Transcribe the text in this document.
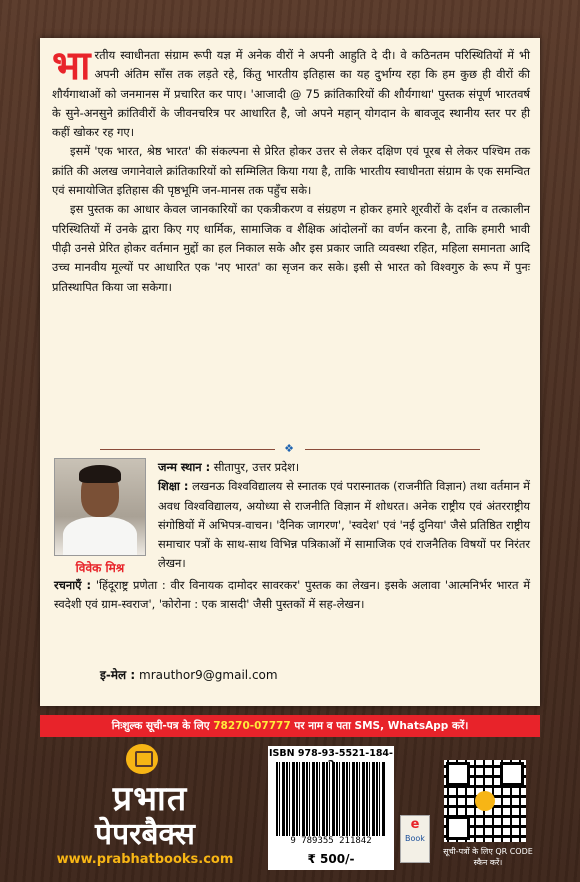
भारतीय स्वाधीनता संग्राम रूपी यज्ञ में अनेक वीरों ने अपनी आहुति दे दी। वे कठिनतम परिस्थितियों में भी अपनी अंतिम साँस तक लड़ते रहे, किंतु भारतीय इतिहास का यह दुर्भाग्य रहा कि हम कुछ ही वीरों की शौर्यगाथाओं को जनमानस में प्रचारित कर पाए। 'आजादी @ 75 क्रांतिकारियों की शौर्यगाथा' पुस्तक संपूर्ण भारतवर्ष के सुने-अनसुने क्रांतिवीरों के जीवनचरित्र पर आधारित है, जो अपने महान् योगदान के बावजूद स्थानीय स्तर पर ही कहीं खोकर रह गए।

इसमें 'एक भारत, श्रेष्ठ भारत' की संकल्पना से प्रेरित होकर उत्तर से लेकर दक्षिण एवं पूरब से लेकर पश्चिम तक क्रांति की अलख जगानेवाले क्रांतिकारियों को सम्मिलित किया गया है, ताकि भारतीय स्वाधीनता संग्राम के एक समन्वित एवं समायोजित इतिहास की पृष्ठभूमि जन-मानस तक पहुँच सके।

इस पुस्तक का आधार केवल जानकारियों का एकत्रीकरण व संग्रहण न होकर हमारे शूरवीरों के दर्शन व तत्कालीन परिस्थितियों में उनके द्वारा किए गए धार्मिक, सामाजिक व शैक्षिक आंदोलनों का वर्णन करना है, ताकि हमारी भावी पीढ़ी उनसे प्रेरित होकर वर्तमान मुद्दों का हल निकाल सके और इस प्रकार जाति व्यवस्था रहित, महिला समानता आदि उच्च मानवीय मूल्यों पर आधारित एक 'नए भारत' का सृजन कर सके। इसी से भारत को विश्वगुरु के रूप में पुनः प्रतिस्थापित किया जा सकेगा।

❖
विवेक मिश्र

जन्म स्थान : सीतापुर, उत्तर प्रदेश।

शिक्षा : लखनऊ विश्वविद्यालय से स्नातक एवं परास्नातक (राजनीति विज्ञान) तथा वर्तमान में अवध विश्वविद्यालय, अयोध्या से राजनीति विज्ञान में शोधरत। अनेक राष्ट्रीय एवं अंतरराष्ट्रीय संगोष्ठियों में अभिपत्र-वाचन। 'दैनिक जागरण', 'स्वदेश' एवं 'नई दुनिया' जैसे प्रतिष्ठित राष्ट्रीय समाचार पत्रों के साथ-साथ विभिन्न पत्रिकाओं में सामाजिक एवं राजनैतिक विषयों पर निरंतर लेखन।

रचनाएँ : 'हिंदूराष्ट्र प्रणेता : वीर विनायक दामोदर सावरकर' पुस्तक का लेखन। इसके अलावा 'आत्मनिर्भर भारत में स्वदेशी एवं ग्राम-स्वराज', 'कोरोना : एक त्रासदी' जैसी पुस्तकों में सह-लेखन।

इ-मेल : mrauthor9@gmail.com
निःशुल्क सूची-पत्र के लिए 78270-07777 पर नाम व पता SMS, WhatsApp करें।
प्रभात
पेपरबैक्स
www.prabhatbooks.com
ISBN 978-93-5521-184-
9 789355 211842
₹ 500/-
e
Book
सूची-पत्रों के लिए QR CODE स्कैन करें।
